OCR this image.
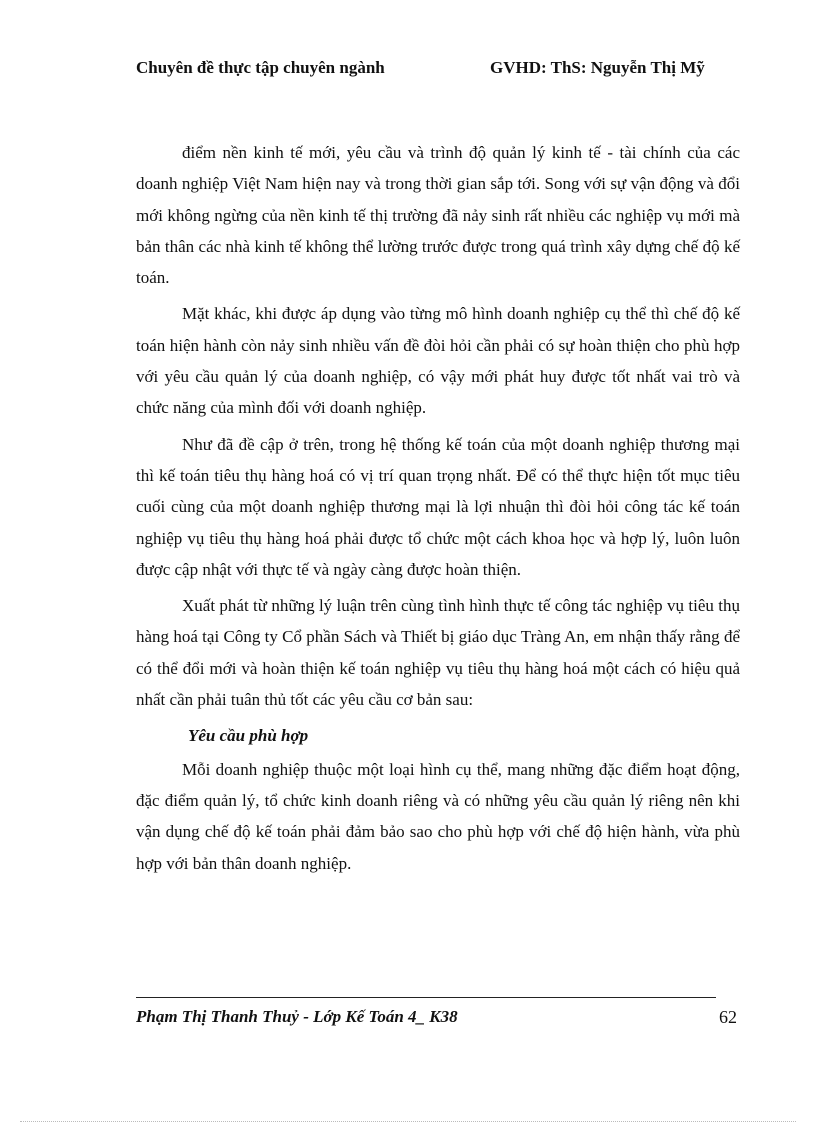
Chuyên đề thực tập chuyên ngành	GVHD: ThS: Nguyễn Thị Mỹ

điểm nền kinh tế mới, yêu cầu và trình độ quản lý kinh tế - tài chính của các doanh nghiệp Việt Nam hiện nay và trong thời gian sắp tới. Song với sự vận động và đổi mới không ngừng của nền kinh tế thị trường đã nảy sinh rất nhiều các nghiệp vụ mới mà bản thân các nhà kinh tế không thể lường trước được trong quá trình xây dựng chế độ kế toán.

Mặt khác, khi được áp dụng vào từng mô hình doanh nghiệp cụ thể thì chế độ kế toán hiện hành còn nảy sinh nhiều vấn đề đòi hỏi cần phải có sự hoàn thiện cho phù hợp với yêu cầu quản lý của doanh nghiệp, có vậy mới phát huy được tốt nhất vai trò và chức năng của mình đối với doanh nghiệp.

Như đã đề cập ở trên, trong hệ thống kế toán của một doanh nghiệp thương mại thì kế toán tiêu thụ hàng hoá có vị trí quan trọng nhất. Để có thể thực hiện tốt mục tiêu cuối cùng của một doanh nghiệp thương mại là lợi nhuận thì đòi hỏi công tác kế toán nghiệp vụ tiêu thụ hàng hoá phải được tổ chức một cách khoa học và hợp lý, luôn luôn được cập nhật với thực tế và ngày càng được hoàn thiện.

Xuất phát từ những lý luận trên cùng tình hình thực tế công tác nghiệp vụ tiêu thụ hàng hoá tại Công ty Cổ phần Sách và Thiết bị giáo dục Tràng An, em nhận thấy rằng để có thể đổi mới và hoàn thiện kế toán nghiệp vụ tiêu thụ hàng hoá một cách có hiệu quả nhất cần phải tuân thủ tốt các yêu cầu cơ bản sau:

Yêu cầu phù hợp

Mỗi doanh nghiệp thuộc một loại hình cụ thể, mang những đặc điểm hoạt động, đặc điểm quản lý, tổ chức kinh doanh riêng và có những yêu cầu quản lý riêng nên khi vận dụng chế độ kế toán phải đảm bảo sao cho phù hợp với chế độ hiện hành, vừa phù hợp với bản thân doanh nghiệp.

Phạm Thị Thanh Thuỷ - Lớp Kế Toán 4_ K38	62
